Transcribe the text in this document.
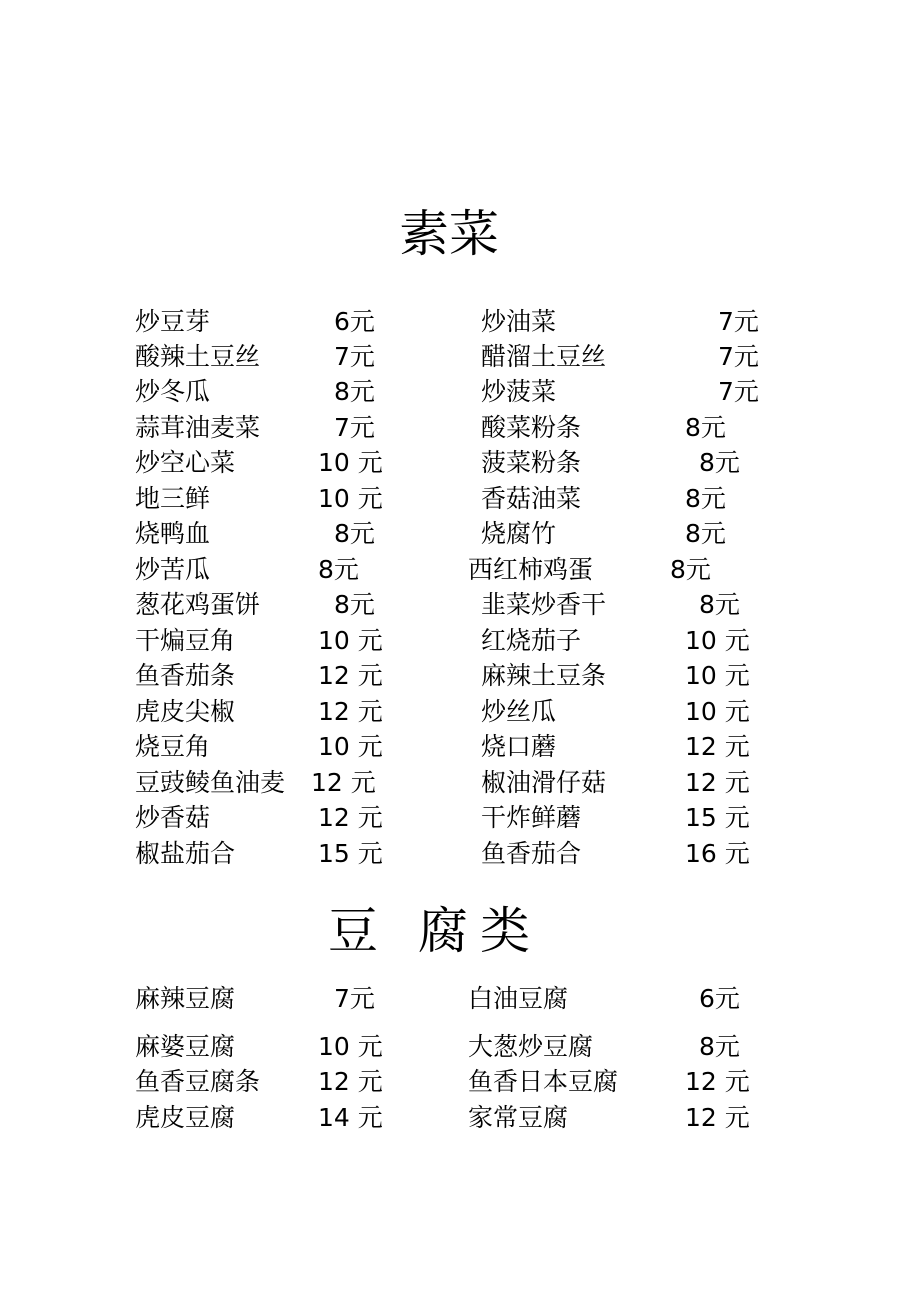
素菜
炒豆芽	6元
酸辣土豆丝	7元
炒冬瓜	8元
蒜茸油麦菜	7元
炒空心菜	10 元
地三鲜	10 元
烧鸭血	8元
炒苦瓜	8元
葱花鸡蛋饼	8元
干煸豆角	10 元
鱼香茄条	12 元
虎皮尖椒	12 元
烧豆角	10 元
豆豉鲮鱼油麦 12 元
炒香菇	12 元
椒盐茄合	15 元
炒油菜	7元
醋溜土豆丝	7元
炒菠菜	7元
酸菜粉条	8元
菠菜粉条	8元
香菇油菜	8元
烧腐竹	8元
西红柿鸡蛋	8元
韭菜炒香干	8元
红烧茄子	10 元
麻辣土豆条	10 元
炒丝瓜	10 元
烧口蘑	12 元
椒油滑仔菇	12 元
干炸鲜蘑	15 元
鱼香茄合	16 元
豆 腐类
麻辣豆腐	7元
麻婆豆腐	10 元
鱼香豆腐条 12 元
虎皮豆腐	14 元
白油豆腐	6元
大葱炒豆腐	8元
鱼香日本豆腐	12 元
家常豆腐	12 元
